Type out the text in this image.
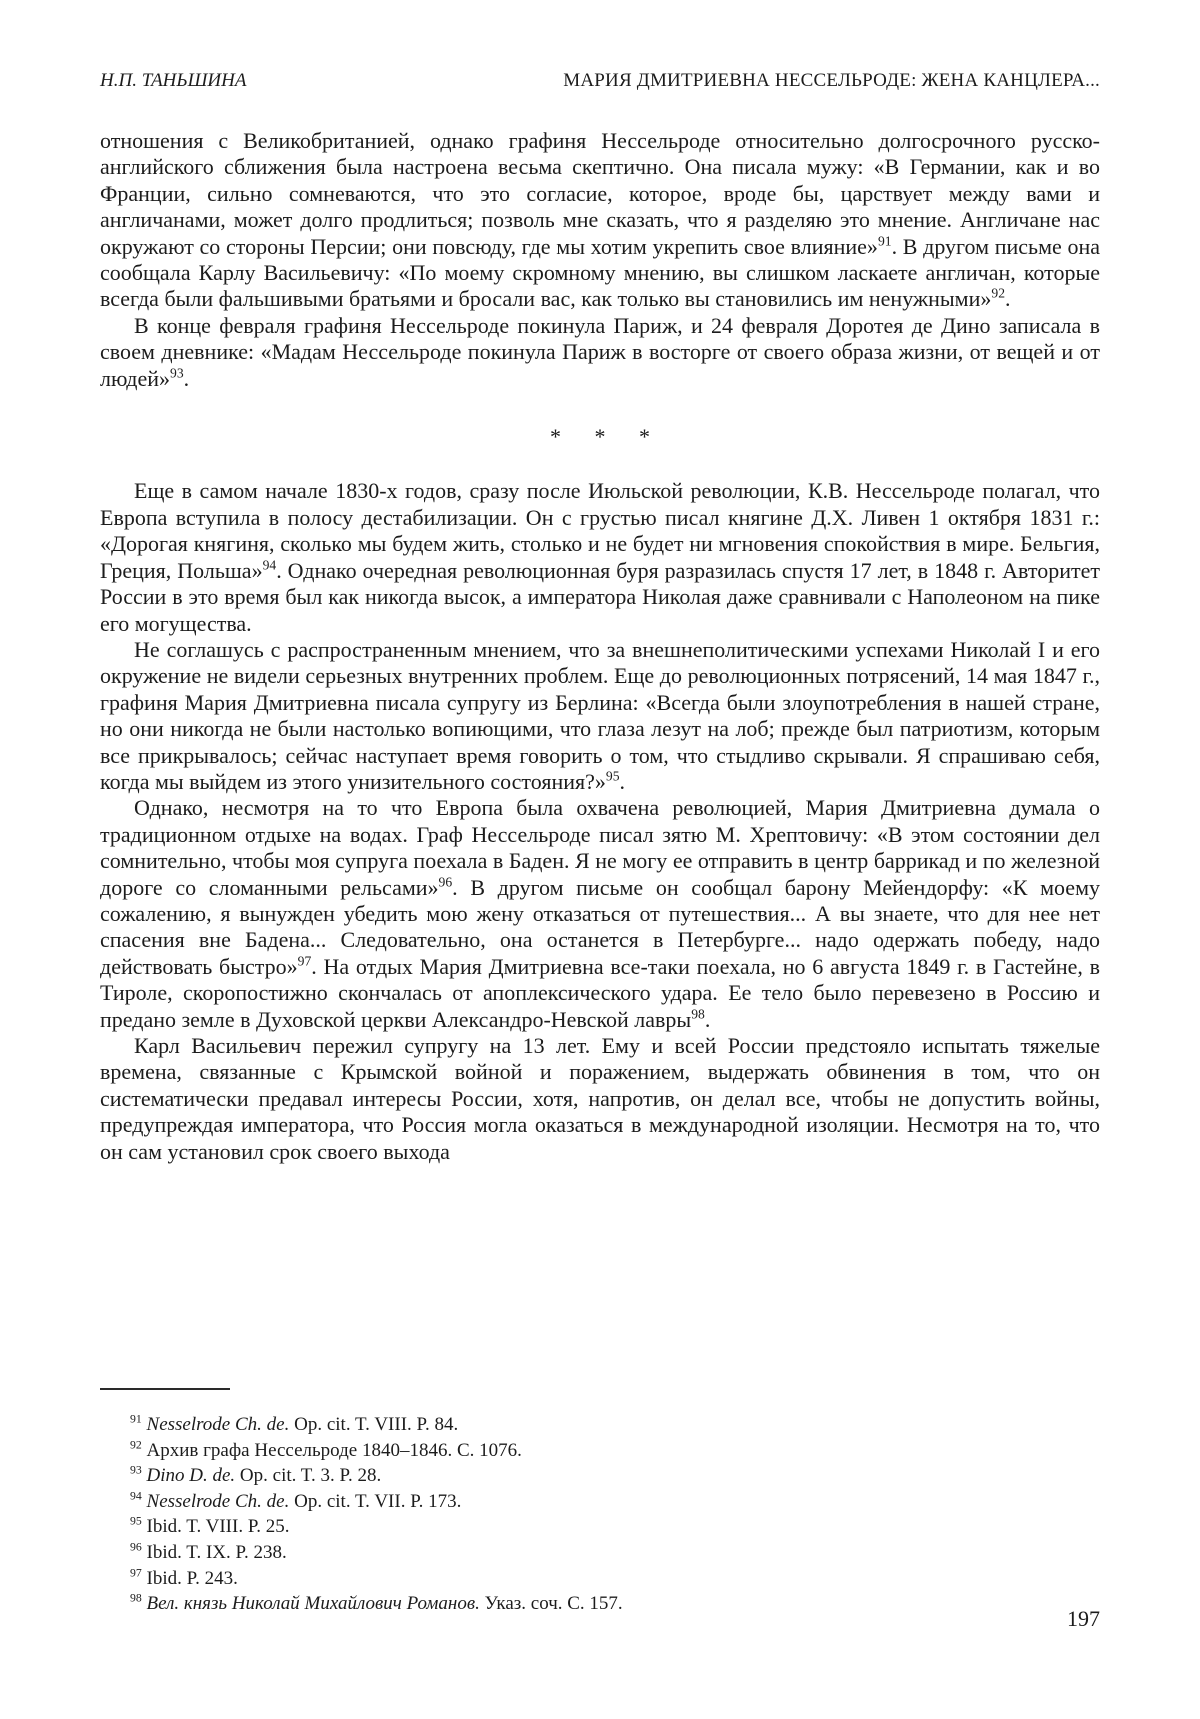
Н.П. ТАНЬШИНА	МАРИЯ ДМИТРИЕВНА НЕССЕЛЬРОДЕ: ЖЕНА КАНЦЛЕРА...

отношения с Великобританией, однако графиня Нессельроде относительно долгосрочного русско-английского сближения была настроена весьма скептично. Она писала мужу: «В Германии, как и во Франции, сильно сомневаются, что это согласие, которое, вроде бы, царствует между вами и англичанами, может долго продлиться; позволь мне сказать, что я разделяю это мнение. Англичане нас окружают со стороны Персии; они повсюду, где мы хотим укрепить свое влияние»$^{91}$. В другом письме она сообщала Карлу Васильевичу: «По моему скромному мнению, вы слишком ласкаете англичан, которые всегда были фальшивыми братьями и бросали вас, как только вы становились им ненужными»$^{92}$.

В конце февраля графиня Нессельроде покинула Париж, и 24 февраля Доротея де Дино записала в своем дневнике: «Мадам Нессельроде покинула Париж в восторге от своего образа жизни, от вещей и от людей»$^{93}$.

* * *

Еще в самом начале 1830-х годов, сразу после Июльской революции, К.В. Нессельроде полагал, что Европа вступила в полосу дестабилизации. Он с грустью писал княгине Д.Х. Ливен 1 октября 1831 г.: «Дорогая княгиня, сколько мы будем жить, столько и не будет ни мгновения спокойствия в мире. Бельгия, Греция, Польша»$^{94}$. Однако очередная революционная буря разразилась спустя 17 лет, в 1848 г. Авторитет России в это время был как никогда высок, а императора Николая даже сравнивали с Наполеоном на пике его могущества.

Не соглашусь с распространенным мнением, что за внешнеполитическими успехами Николай I и его окружение не видели серьезных внутренних проблем. Еще до революционных потрясений, 14 мая 1847 г., графиня Мария Дмитриевна писала супругу из Берлина: «Всегда были злоупотребления в нашей стране, но они никогда не были настолько вопиющими, что глаза лезут на лоб; прежде был патриотизм, которым все прикрывалось; сейчас наступает время говорить о том, что стыдливо скрывали. Я спрашиваю себя, когда мы выйдем из этого унизительного состояния?»$^{95}$.

Однако, несмотря на то что Европа была охвачена революцией, Мария Дмитриевна думала о традиционном отдыхе на водах. Граф Нессельроде писал зятю М. Хрептовичу: «В этом состоянии дел сомнительно, чтобы моя супруга поехала в Баден. Я не могу ее отправить в центр баррикад и по железной дороге со сломанными рельсами»$^{96}$. В другом письме он сообщал барону Мейендорфу: «К моему сожалению, я вынужден убедить мою жену отказаться от путешествия... А вы знаете, что для нее нет спасения вне Бадена... Следовательно, она останется в Петербурге... надо одержать победу, надо действовать быстро»$^{97}$. На отдых Мария Дмитриевна все-таки поехала, но 6 августа 1849 г. в Гастейне, в Тироле, скоропостижно скончалась от апоплексического удара. Ее тело было перевезено в Россию и предано земле в Духовской церкви Александро-Невской лавры$^{98}$.

Карл Васильевич пережил супругу на 13 лет. Ему и всей России предстояло испытать тяжелые времена, связанные с Крымской войной и поражением, выдержать обвинения в том, что он систематически предавал интересы России, хотя, напротив, он делал все, чтобы не допустить войны, предупреждая императора, что Россия могла оказаться в международной изоляции. Несмотря на то, что он сам установил срок своего выхода

$^{91}$ Nesselrode Ch. de. Op. cit. T. VIII. P. 84.
$^{92}$ Архив графа Нессельроде 1840–1846. С. 1076.
$^{93}$ Dino D. de. Op. cit. T. 3. P. 28.
$^{94}$ Nesselrode Ch. de. Op. cit. T. VII. P. 173.
$^{95}$ Ibid. T. VIII. P. 25.
$^{96}$ Ibid. T. IX. P. 238.
$^{97}$ Ibid. P. 243.
$^{98}$ Вел. князь Николай Михайлович Романов. Указ. соч. С. 157.
197
